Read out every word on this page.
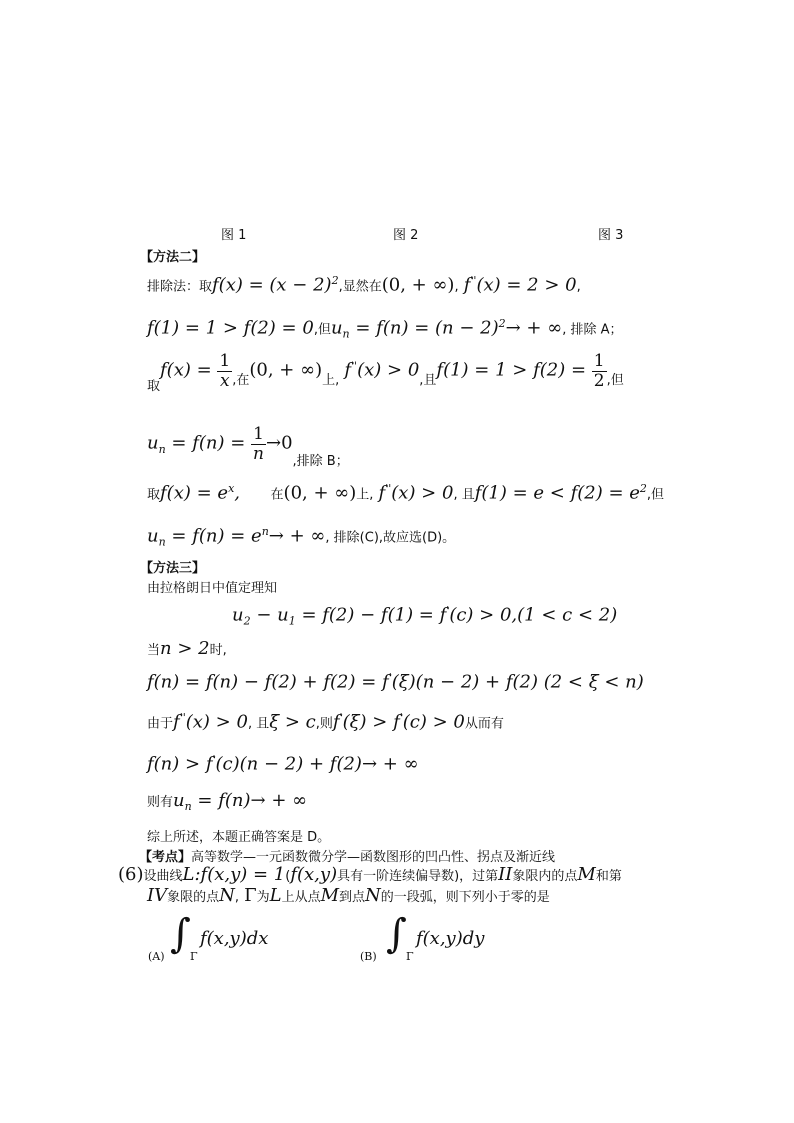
图 1	图 2	图 3
【方法二】
排除法：取$f(x) = (x - 2)^2$,显然在(0, + ∞), f''(x) = 2 > 0,
f(1) = 1 > f(2) = 0,但$u_n = f(n) = (n - 2)^2\to$ + ∞, 排除 A；
$_取f(x) = \frac{1}{x} _{,在}(0$, + $\infty)_{上,}$ $f''(x) > 0_{,且}f(1) = 1 > f(2) = \frac{1}{2} _{,但}$
$u_n = f(n) = \frac{1}{n} \to 0_{,排除 B;}$
取$f(x) = e^x$, 在(0, + ∞)上, f''(x) > 0, 且$f(1) = e < f(2) = e^2$,但
$u_n = f(n) = e^n\to$ + ∞, 排除(C),故应选(D)。
【方法三】
由拉格朗日中值定理知
$u_2 - u_1 = f(2) - f(1) = f'(c) > 0,(1 < c < 2)$
当n > 2时,
f(n) = f(n) − f(2) + f(2) = f'(ξ)(n − 2) + f(2) (2 < ξ < n)
由于f''(x) > 0, 且ξ > c,则f'(ξ) > f'(c) > 0从而有
f(n) > f'(c)(n − 2) + f(2)→ + ∞
则有$u_n = f(n)\to$ + ∞
综上所述，本题正确答案是 D。
【考点】高等数学—一元函数微分学—函数图形的凹凸性、拐点及渐近线
(6)设曲线L:f(x,y) = 1(f(x,y)具有一阶连续偏导数)，过第II象限内的点M和第
IV象限的点N, Γ为L上从点M到点N的一段弧，则下列小于零的是
(A) ∫ Γ
f(x,y)dx
(B) ∫ Γ
f(x,y)dy
